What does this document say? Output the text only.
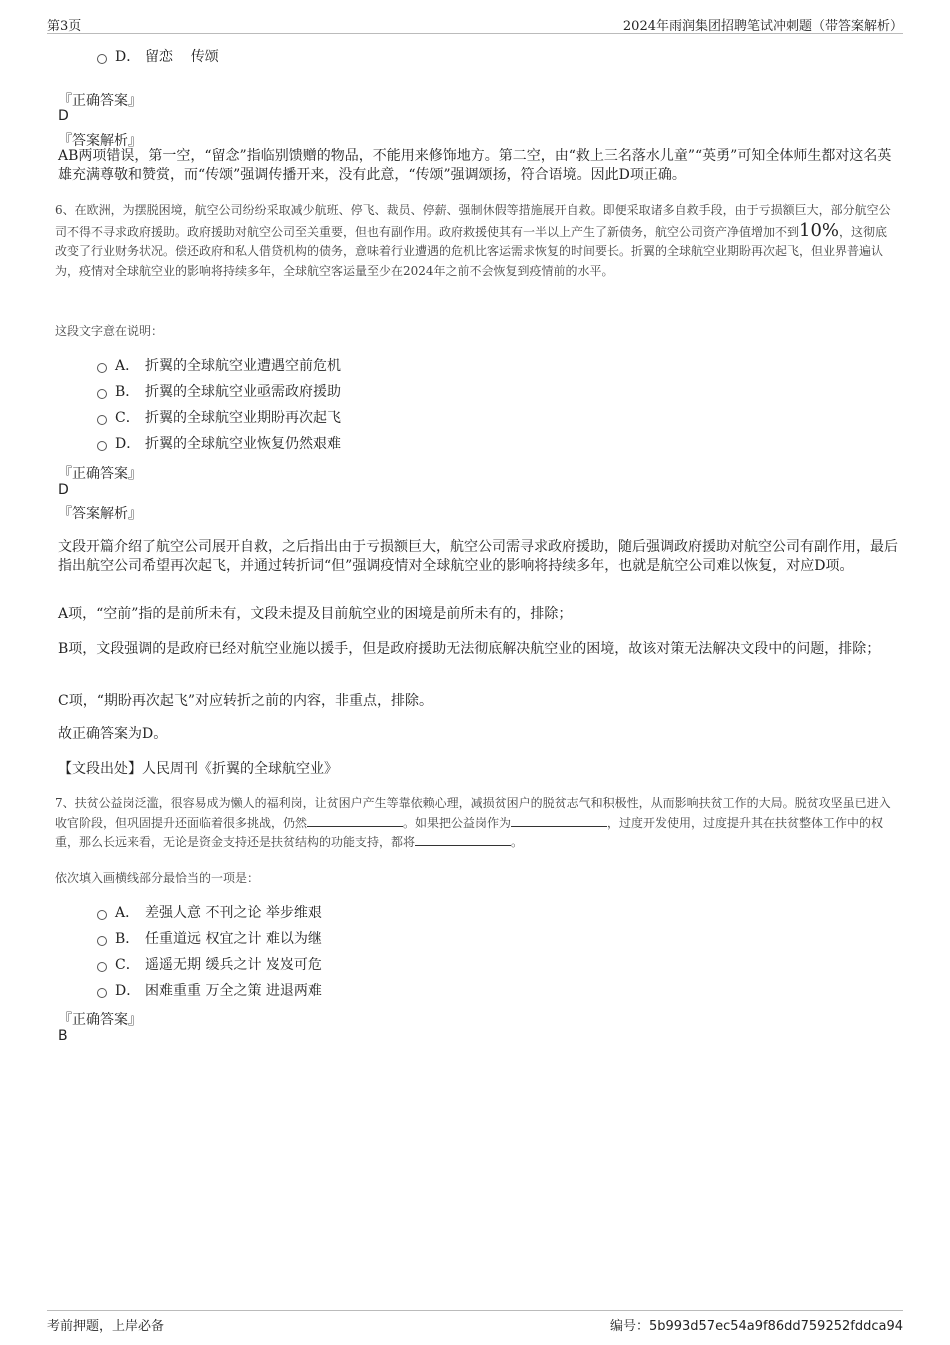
第3页	2024年雨润集团招聘笔试冲刺题（带答案解析）
D． 留恋    传颂
『正确答案』
D
『答案解析』
AB两项错误，第一空，“留念”指临别馈赠的物品，不能用来修饰地方。第二空，由“救上三名落水儿童”“英勇”可知全体师生都对这名英雄充满尊敬和赞赏，而“传颂”强调传播开来，没有此意，“传颂”强调颂扬，符合语境。因此D项正确。
6、在欧洲，为摆脱困境，航空公司纷纷采取减少航班、停飞、裁员、停薪、强制休假等措施展开自救。即便采取诸多自救手段，由于亏损额巨大，部分航空公司不得不寻求政府援助。政府援助对航空公司至关重要，但也有副作用。政府救援使其有一半以上产生了新债务，航空公司资产净值增加不到10%，这彻底改变了行业财务状况。偿还政府和私人借贷机构的债务，意味着行业遭遇的危机比客运需求恢复的时间要长。折翼的全球航空业期盼再次起飞，但业界普遍认为，疫情对全球航空业的影响将持续多年，全球航空客运量至少在2024年之前不会恢复到疫情前的水平。
这段文字意在说明：
A． 折翼的全球航空业遭遇空前危机
B． 折翼的全球航空业亟需政府援助
C． 折翼的全球航空业期盼再次起飞
D． 折翼的全球航空业恢复仍然艰难
『正确答案』
D
『答案解析』
文段开篇介绍了航空公司展开自救，之后指出由于亏损额巨大，航空公司需寻求政府援助，随后强调政府援助对航空公司有副作用，最后指出航空公司希望再次起飞，并通过转折词“但”强调疫情对全球航空业的影响将持续多年，也就是航空公司难以恢复，对应D项。
A项，“空前”指的是前所未有，文段未提及目前航空业的困境是前所未有的，排除；
B项，文段强调的是政府已经对航空业施以援手，但是政府援助无法彻底解决航空业的困境，故该对策无法解决文段中的问题，排除；
C项，“期盼再次起飞”对应转折之前的内容，非重点，排除。
故正确答案为D。
【文段出处】人民周刊《折翼的全球航空业》
7、扶贫公益岗泛滥，很容易成为懒人的福利岗，让贫困户产生等靠依赖心理，减损贫困户的脱贫志气和积极性，从而影响扶贫工作的大局。脱贫攻坚虽已进入收官阶段，但巩固提升还面临着很多挑战，仍然	。如果把公益岗作为	，过度开发使用，过度提升其在扶贫整体工作中的权重，那么长远来看，无论是资金支持还是扶贫结构的功能支持，都将	。
依次填入画横线部分最恰当的一项是：
A． 差强人意 不刊之论 举步维艰
B． 任重道远 权宜之计 难以为继
C． 遥遥无期 缓兵之计 岌岌可危
D． 困难重重 万全之策 进退两难
『正确答案』
B
考前押题，上岸必备	编号：5b993d57ec54a9f86dd759252fddca94
